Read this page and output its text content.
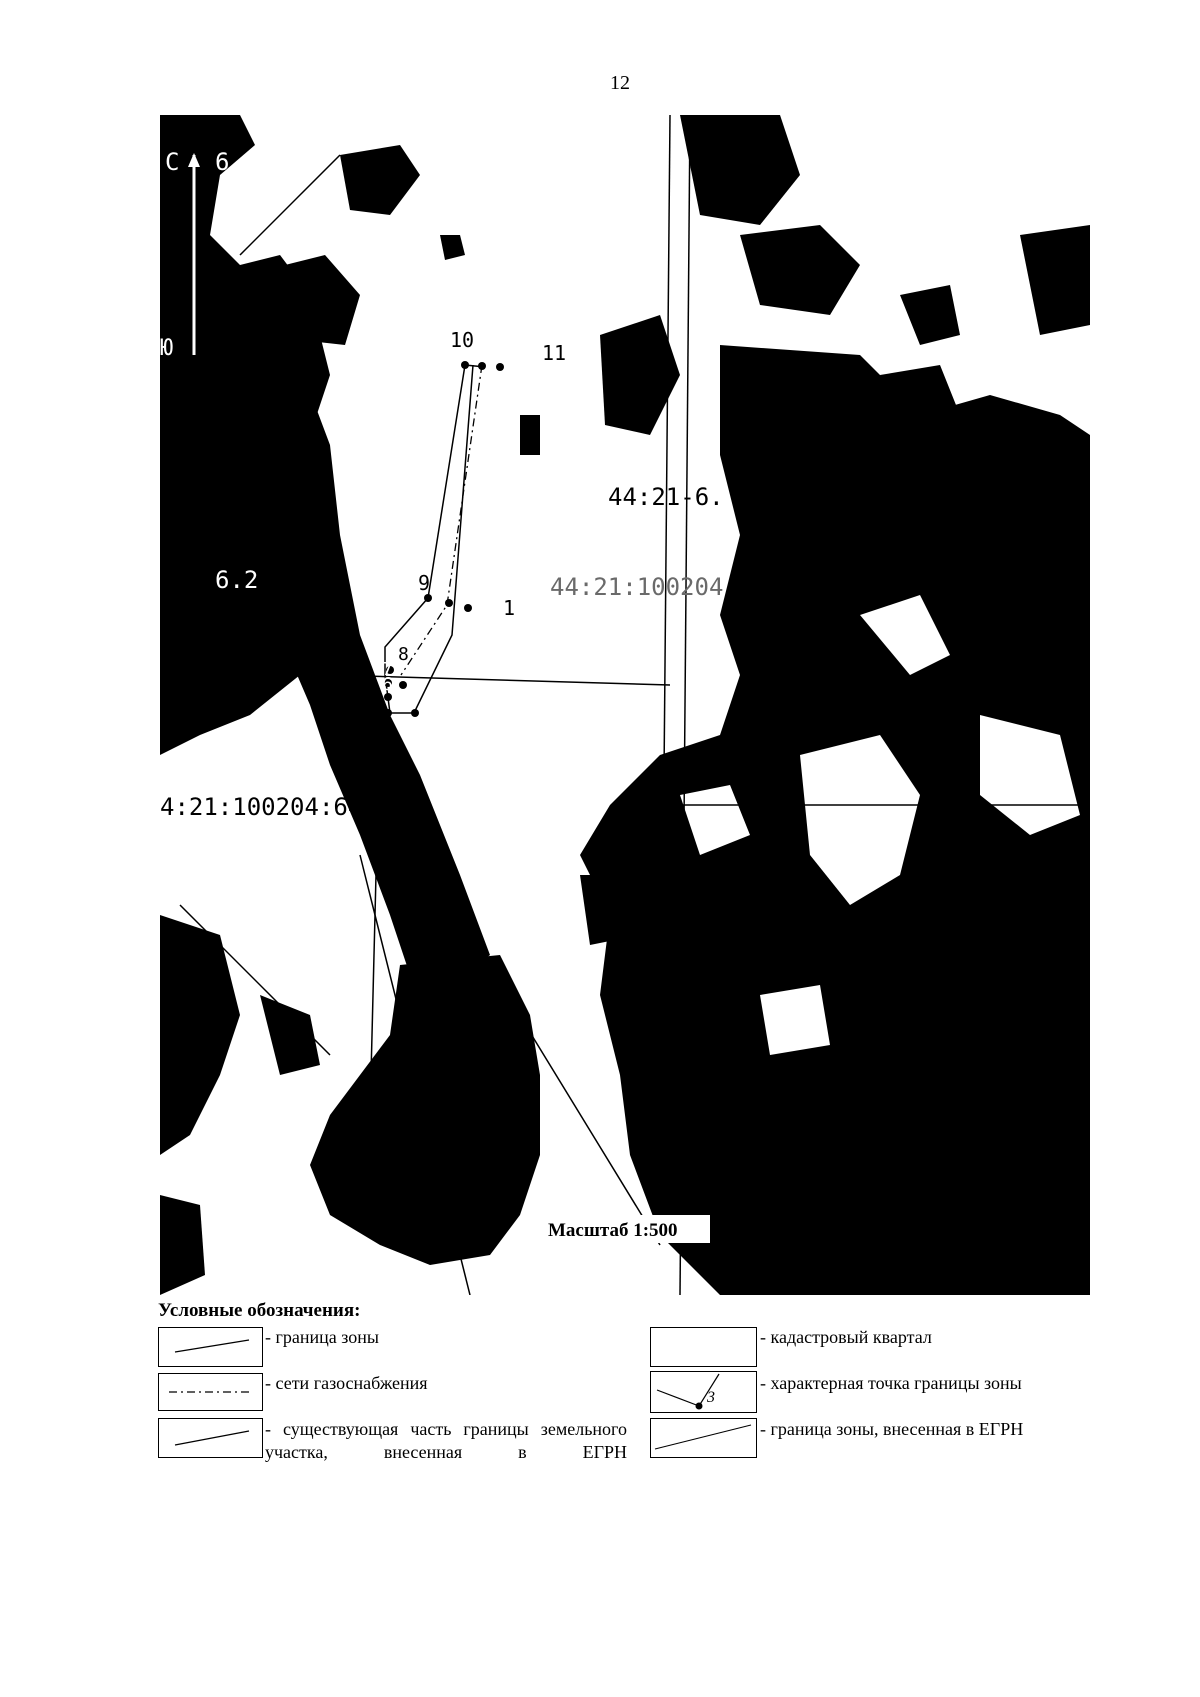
12
С
Ю
6.4
6.2
44:21-6.
44:21:100204
4:21:100204:64
10
11
9
1
8
7
6
Масштаб 1:500
Условные обозначения:
- граница зоны
- сети газоснабжения
- существующая часть границы земельного участка, внесенная в ЕГРН
- кадастровый квартал
3
- характерная точка границы зоны
- граница зоны, внесенная в ЕГРН
